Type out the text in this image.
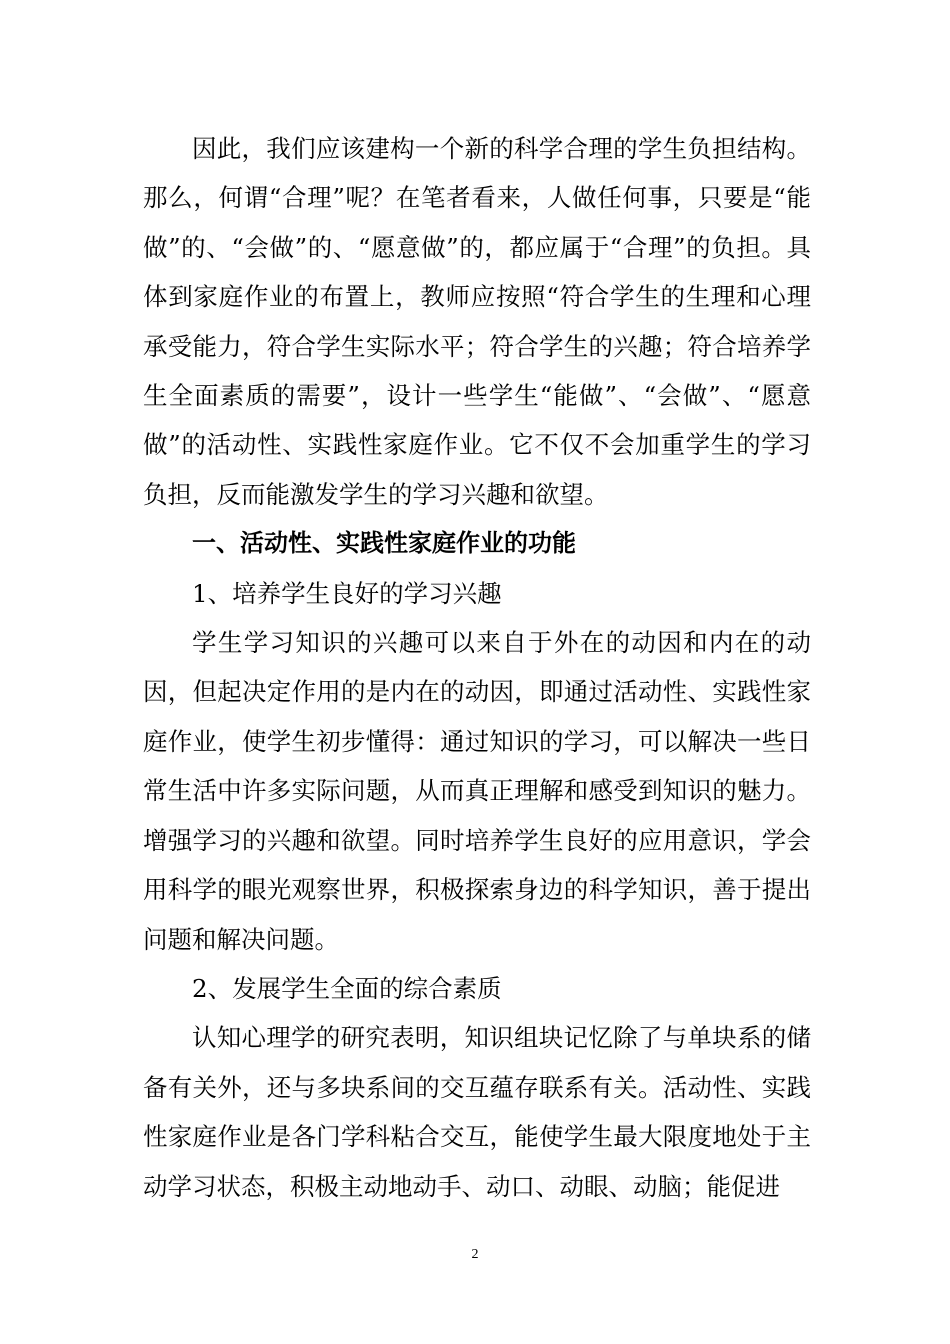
因此，我们应该建构一个新的科学合理的学生负担结构。那么，何谓“合理”呢？在笔者看来，人做任何事，只要是“能做”的、“会做”的、“愿意做”的，都应属于“合理”的负担。具体到家庭作业的布置上，教师应按照“符合学生的生理和心理承受能力，符合学生实际水平；符合学生的兴趣；符合培养学生全面素质的需要”，设计一些学生“能做”、“会做”、“愿意做”的活动性、实践性家庭作业。它不仅不会加重学生的学习负担，反而能激发学生的学习兴趣和欲望。

一、活动性、实践性家庭作业的功能

1、培养学生良好的学习兴趣

学生学习知识的兴趣可以来自于外在的动因和内在的动因，但起决定作用的是内在的动因，即通过活动性、实践性家庭作业，使学生初步懂得：通过知识的学习，可以解决一些日常生活中许多实际问题，从而真正理解和感受到知识的魅力。增强学习的兴趣和欲望。同时培养学生良好的应用意识，学会用科学的眼光观察世界，积极探索身边的科学知识，善于提出问题和解决问题。

2、发展学生全面的综合素质

认知心理学的研究表明，知识组块记忆除了与单块系的储备有关外，还与多块系间的交互蕴存联系有关。活动性、实践性家庭作业是各门学科粘合交互，能使学生最大限度地处于主动学习状态，积极主动地动手、动口、动眼、动脑；能促进

2
